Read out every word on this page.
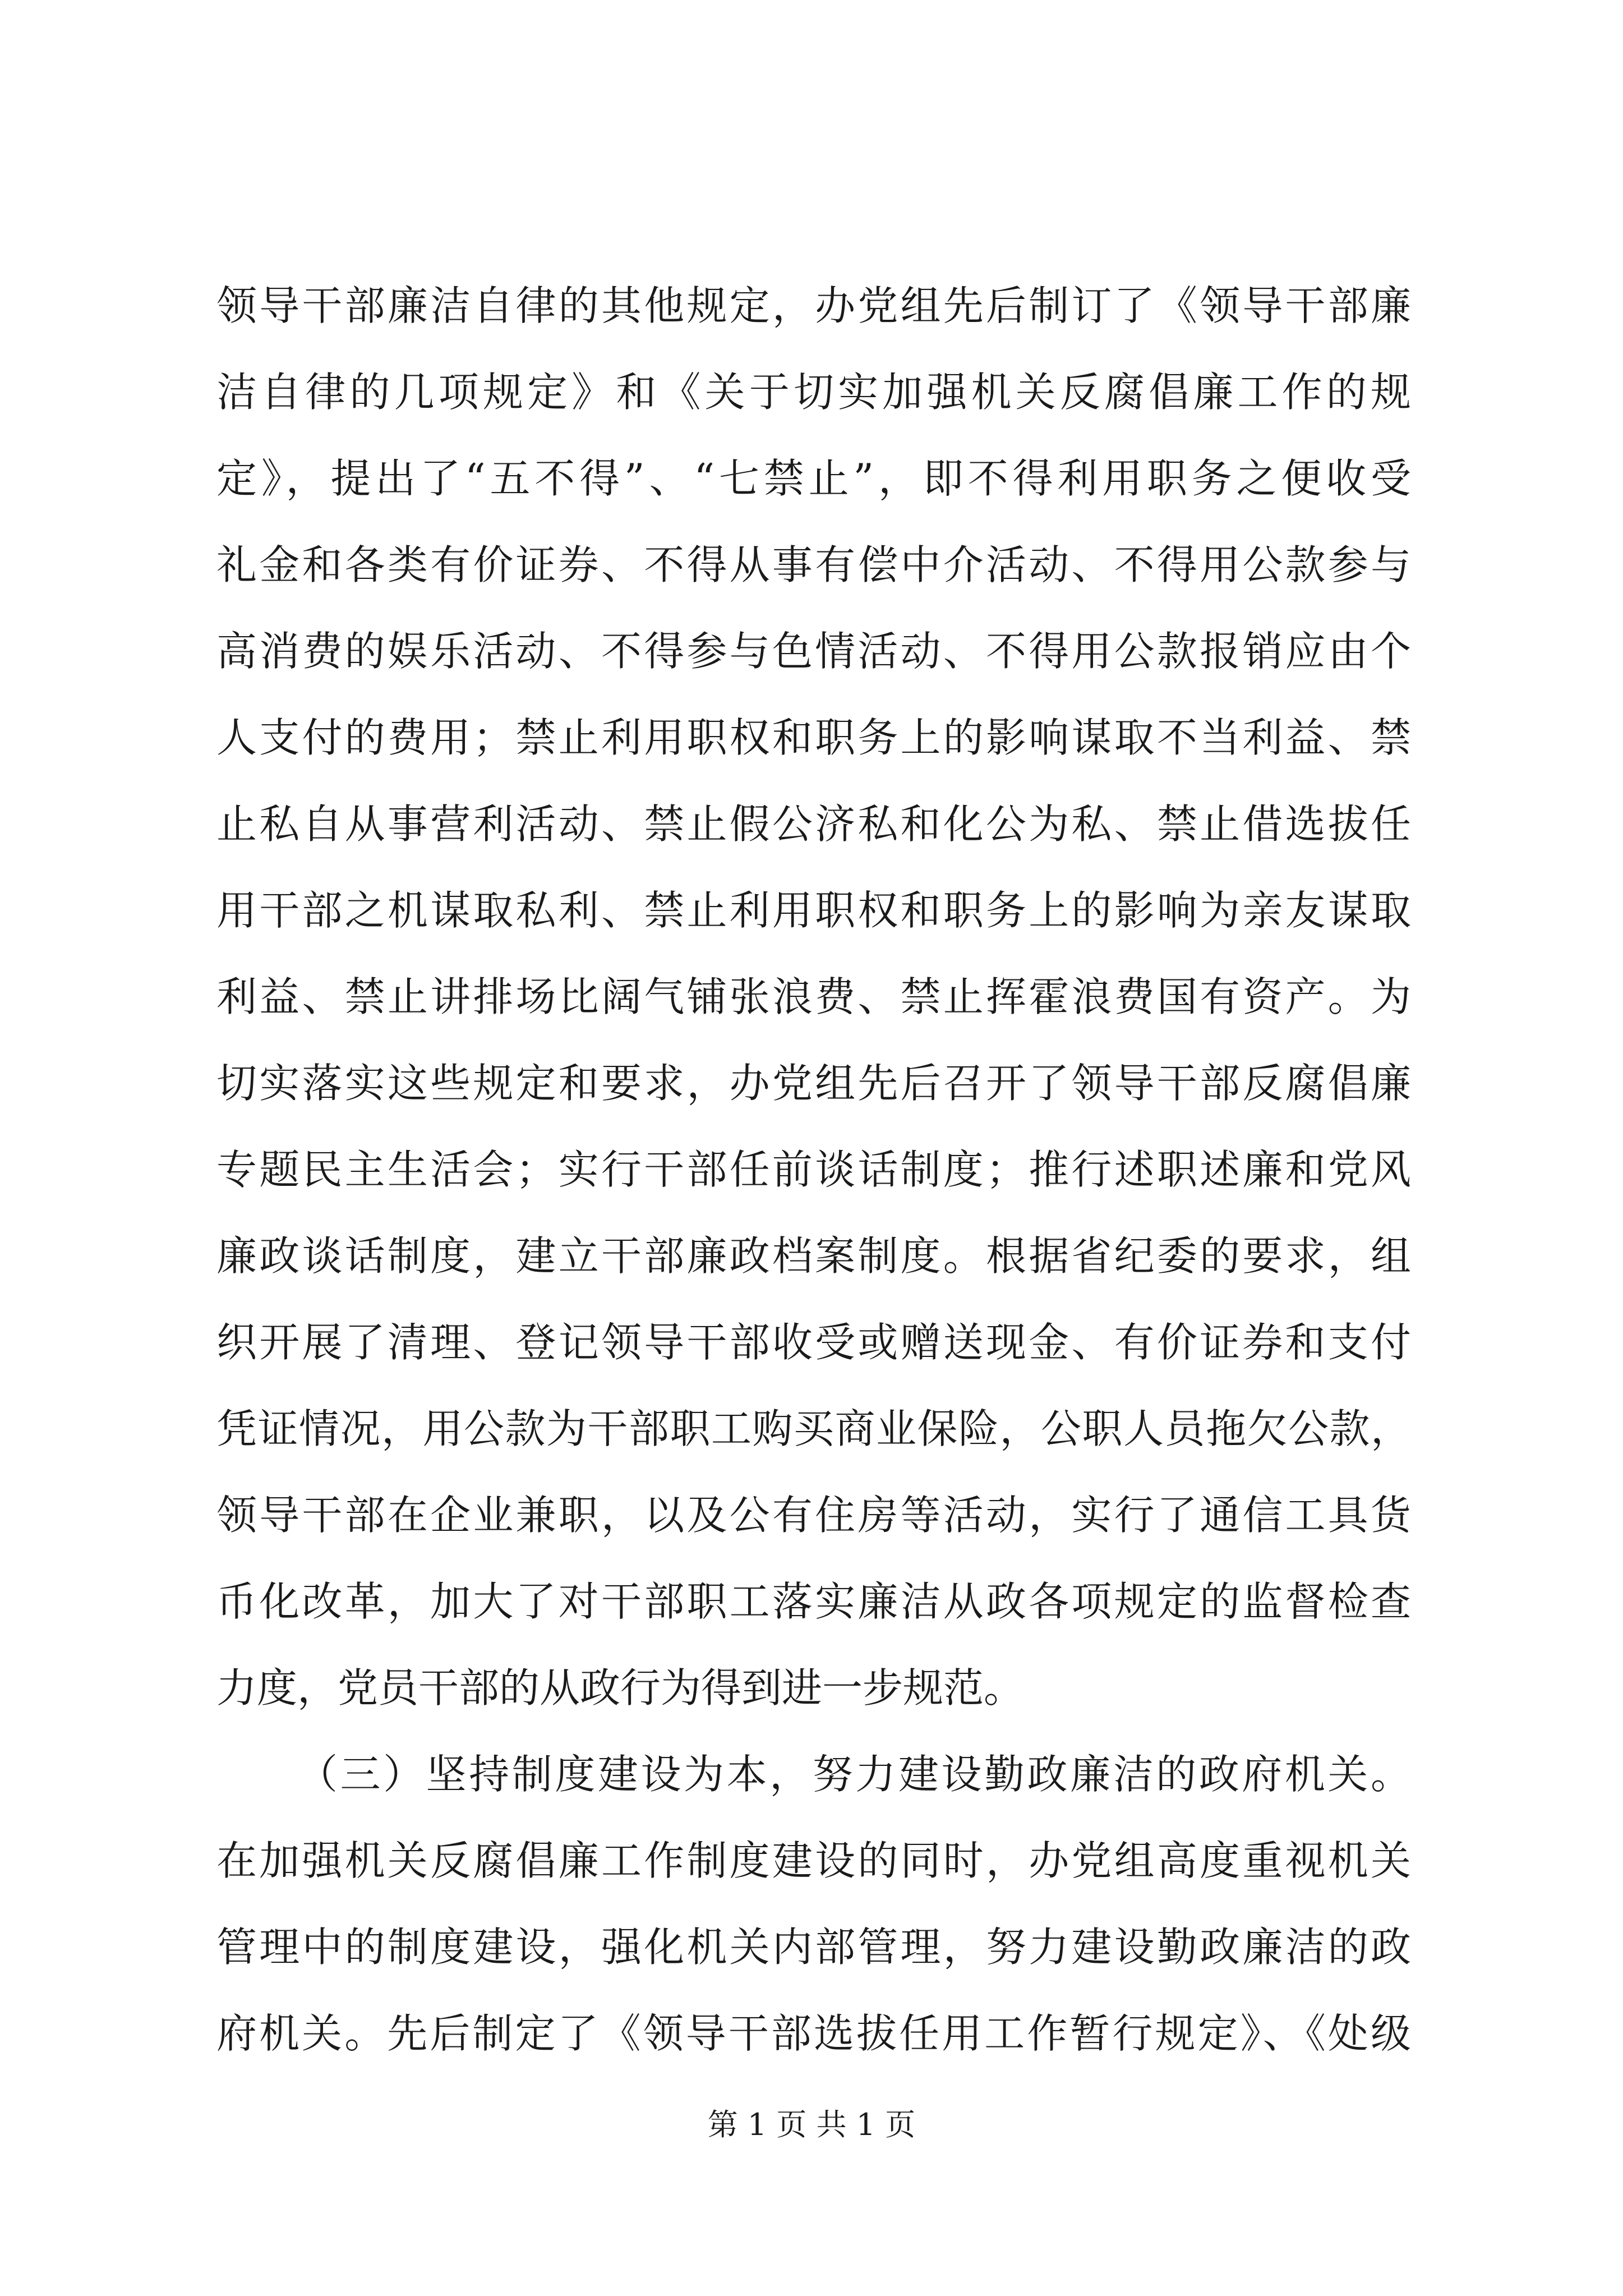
领导干部廉洁自律的其他规定，办党组先后制订了《领导干部廉
洁自律的几项规定》和《关于切实加强机关反腐倡廉工作的规
定》，提出了“五不得”、“七禁止”，即不得利用职务之便收受
礼金和各类有价证券、不得从事有偿中介活动、不得用公款参与
高消费的娱乐活动、不得参与色情活动、不得用公款报销应由个
人支付的费用；禁止利用职权和职务上的影响谋取不当利益、禁
止私自从事营利活动、禁止假公济私和化公为私、禁止借选拔任
用干部之机谋取私利、禁止利用职权和职务上的影响为亲友谋取
利益、禁止讲排场比阔气铺张浪费、禁止挥霍浪费国有资产。为
切实落实这些规定和要求，办党组先后召开了领导干部反腐倡廉
专题民主生活会；实行干部任前谈话制度；推行述职述廉和党风
廉政谈话制度，建立干部廉政档案制度。根据省纪委的要求，组
织开展了清理、登记领导干部收受或赠送现金、有价证券和支付
凭证情况，用公款为干部职工购买商业保险，公职人员拖欠公款，
领导干部在企业兼职，以及公有住房等活动，实行了通信工具货
币化改革，加大了对干部职工落实廉洁从政各项规定的监督检查
力度，党员干部的从政行为得到进一步规范。
（三）坚持制度建设为本，努力建设勤政廉洁的政府机关。
在加强机关反腐倡廉工作制度建设的同时，办党组高度重视机关
管理中的制度建设，强化机关内部管理，努力建设勤政廉洁的政
府机关。先后制定了《领导干部选拔任用工作暂行规定》、《处级
第 1 页 共 1 页
